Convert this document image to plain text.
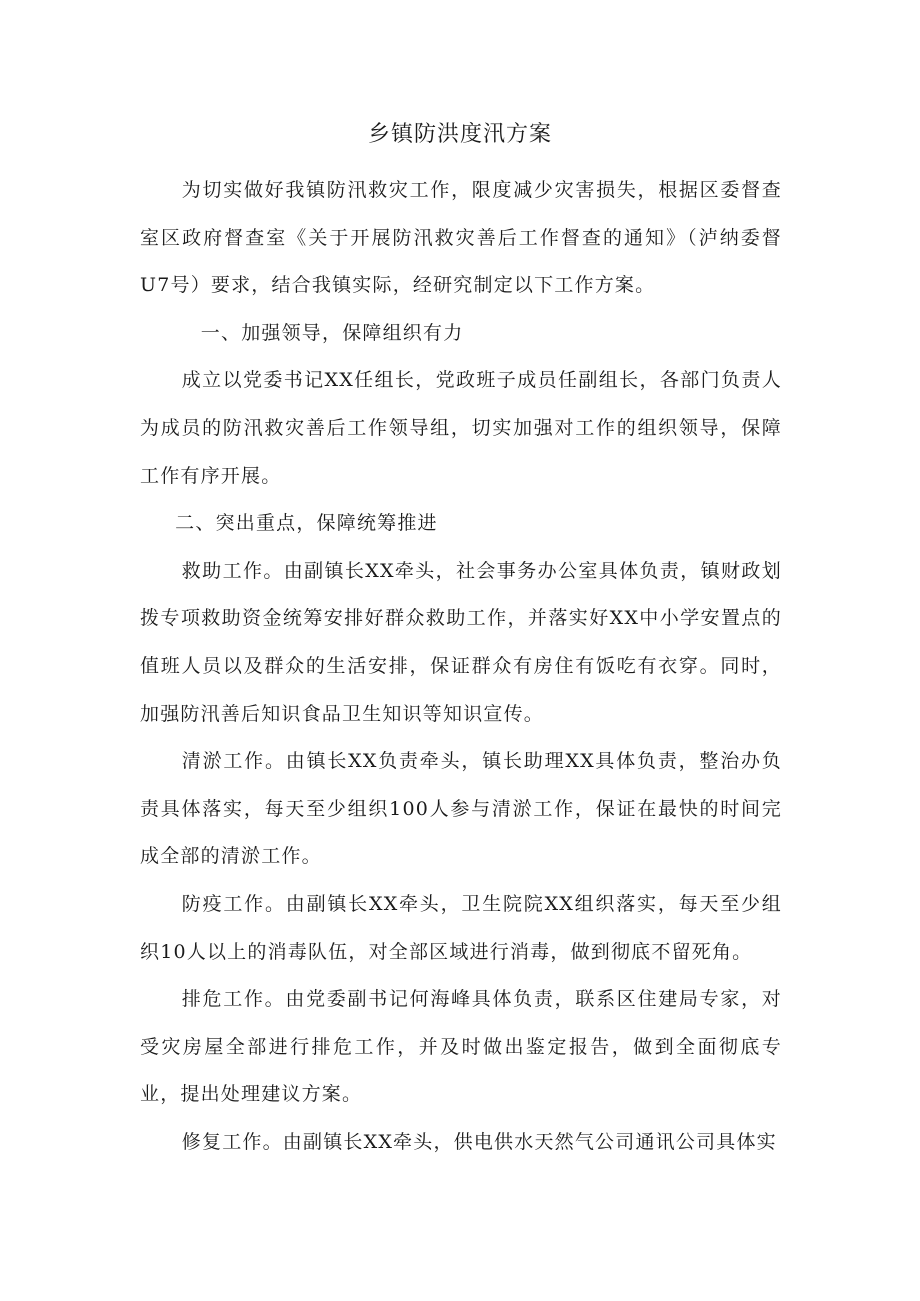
乡镇防洪度汛方案

为切实做好我镇防汛救灾工作，限度减少灾害损失，根据区委督查室区政府督查室《关于开展防汛救灾善后工作督查的通知》（泸纳委督U7号）要求，结合我镇实际，经研究制定以下工作方案。

一、加强领导，保障组织有力

成立以党委书记XX任组长，党政班子成员任副组长，各部门负责人为成员的防汛救灾善后工作领导组，切实加强对工作的组织领导，保障工作有序开展。

二、突出重点，保障统筹推进

救助工作。由副镇长XX牵头，社会事务办公室具体负责，镇财政划拨专项救助资金统筹安排好群众救助工作，并落实好XX中小学安置点的值班人员以及群众的生活安排，保证群众有房住有饭吃有衣穿。同时，加强防汛善后知识食品卫生知识等知识宣传。

清淤工作。由镇长XX负责牵头，镇长助理XX具体负责，整治办负责具体落实，每天至少组织100人参与清淤工作，保证在最快的时间完成全部的清淤工作。

防疫工作。由副镇长XX牵头，卫生院院XX组织落实，每天至少组织10人以上的消毒队伍，对全部区域进行消毒，做到彻底不留死角。

排危工作。由党委副书记何海峰具体负责，联系区住建局专家，对受灾房屋全部进行排危工作，并及时做出鉴定报告，做到全面彻底专业，提出处理建议方案。

修复工作。由副镇长XX牵头，供电供水天然气公司通讯公司具体实
